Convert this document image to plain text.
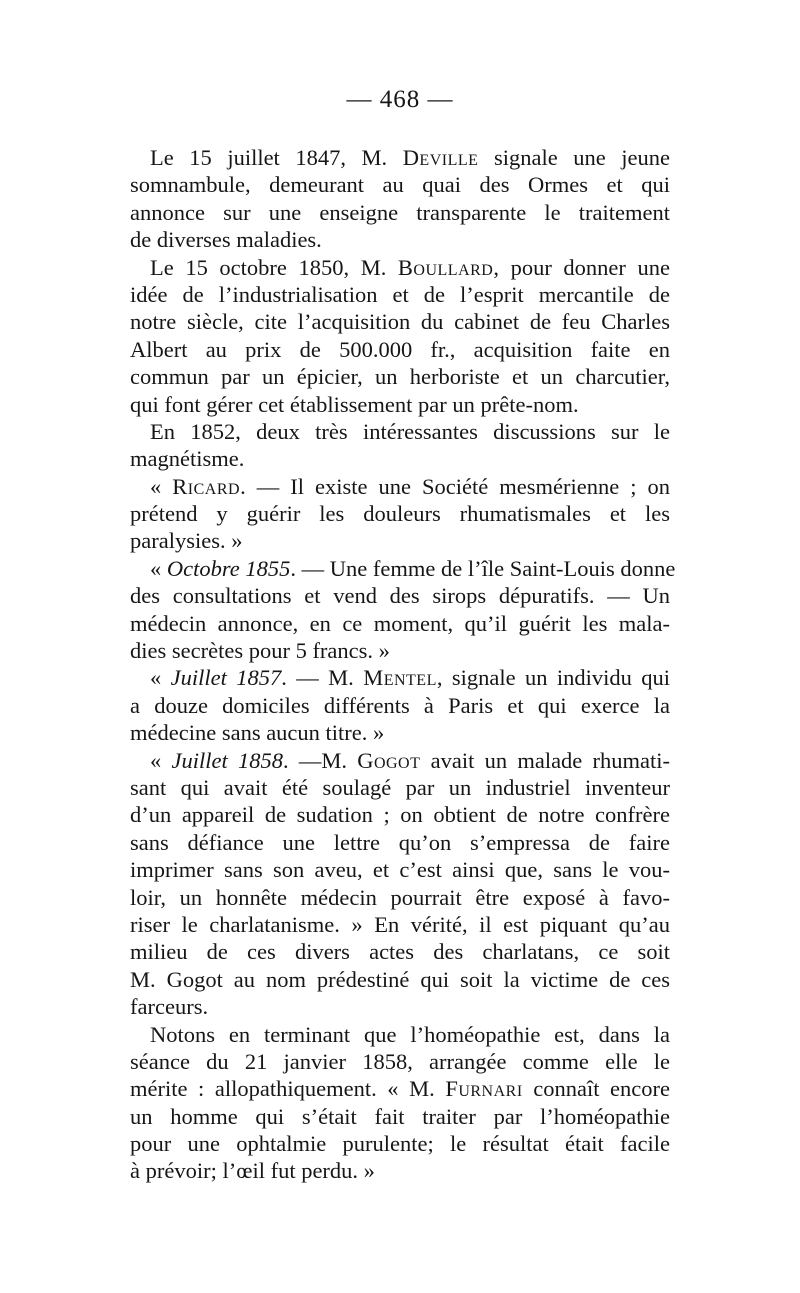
— 468 —
Le 15 juillet 1847, M. Deville signale une jeune
somnambule, demeurant au quai des Ormes et qui
annonce sur une enseigne transparente le traitement
de diverses maladies.
Le 15 octobre 1850, M. Boullard, pour donner une
idée de l’industrialisation et de l’esprit mercantile de
notre siècle, cite l’acquisition du cabinet de feu Charles
Albert au prix de 500.000 fr., acquisition faite en
commun par un épicier, un herboriste et un charcutier,
qui font gérer cet établissement par un prête-nom.
En 1852, deux très intéressantes discussions sur le
magnétisme.
« Ricard. — Il existe une Société mesmérienne ; on
prétend y guérir les douleurs rhumatismales et les
paralysies. »
« Octobre 1855. — Une femme de l’île Saint-Louis donne
des consultations et vend des sirops dépuratifs. — Un
médecin annonce, en ce moment, qu’il guérit les mala-
dies secrètes pour 5 francs. »
« Juillet 1857. — M. Mentel, signale un individu qui
a douze domiciles différents à Paris et qui exerce la
médecine sans aucun titre. »
« Juillet 1858. —M. Gogot avait un malade rhumati-
sant qui avait été soulagé par un industriel inventeur
d’un appareil de sudation ; on obtient de notre confrère
sans défiance une lettre qu’on s’empressa de faire
imprimer sans son aveu, et c’est ainsi que, sans le vou-
loir, un honnête médecin pourrait être exposé à favo-
riser le charlatanisme. » En vérité, il est piquant qu’au
milieu de ces divers actes des charlatans, ce soit
M. Gogot au nom prédestiné qui soit la victime de ces
farceurs.
Notons en terminant que l’homéopathie est, dans la
séance du 21 janvier 1858, arrangée comme elle le
mérite : allopathiquement. « M. Furnari connaît encore
un homme qui s’était fait traiter par l’homéopathie
pour une ophtalmie purulente; le résultat était facile
à prévoir; l’œil fut perdu. »
